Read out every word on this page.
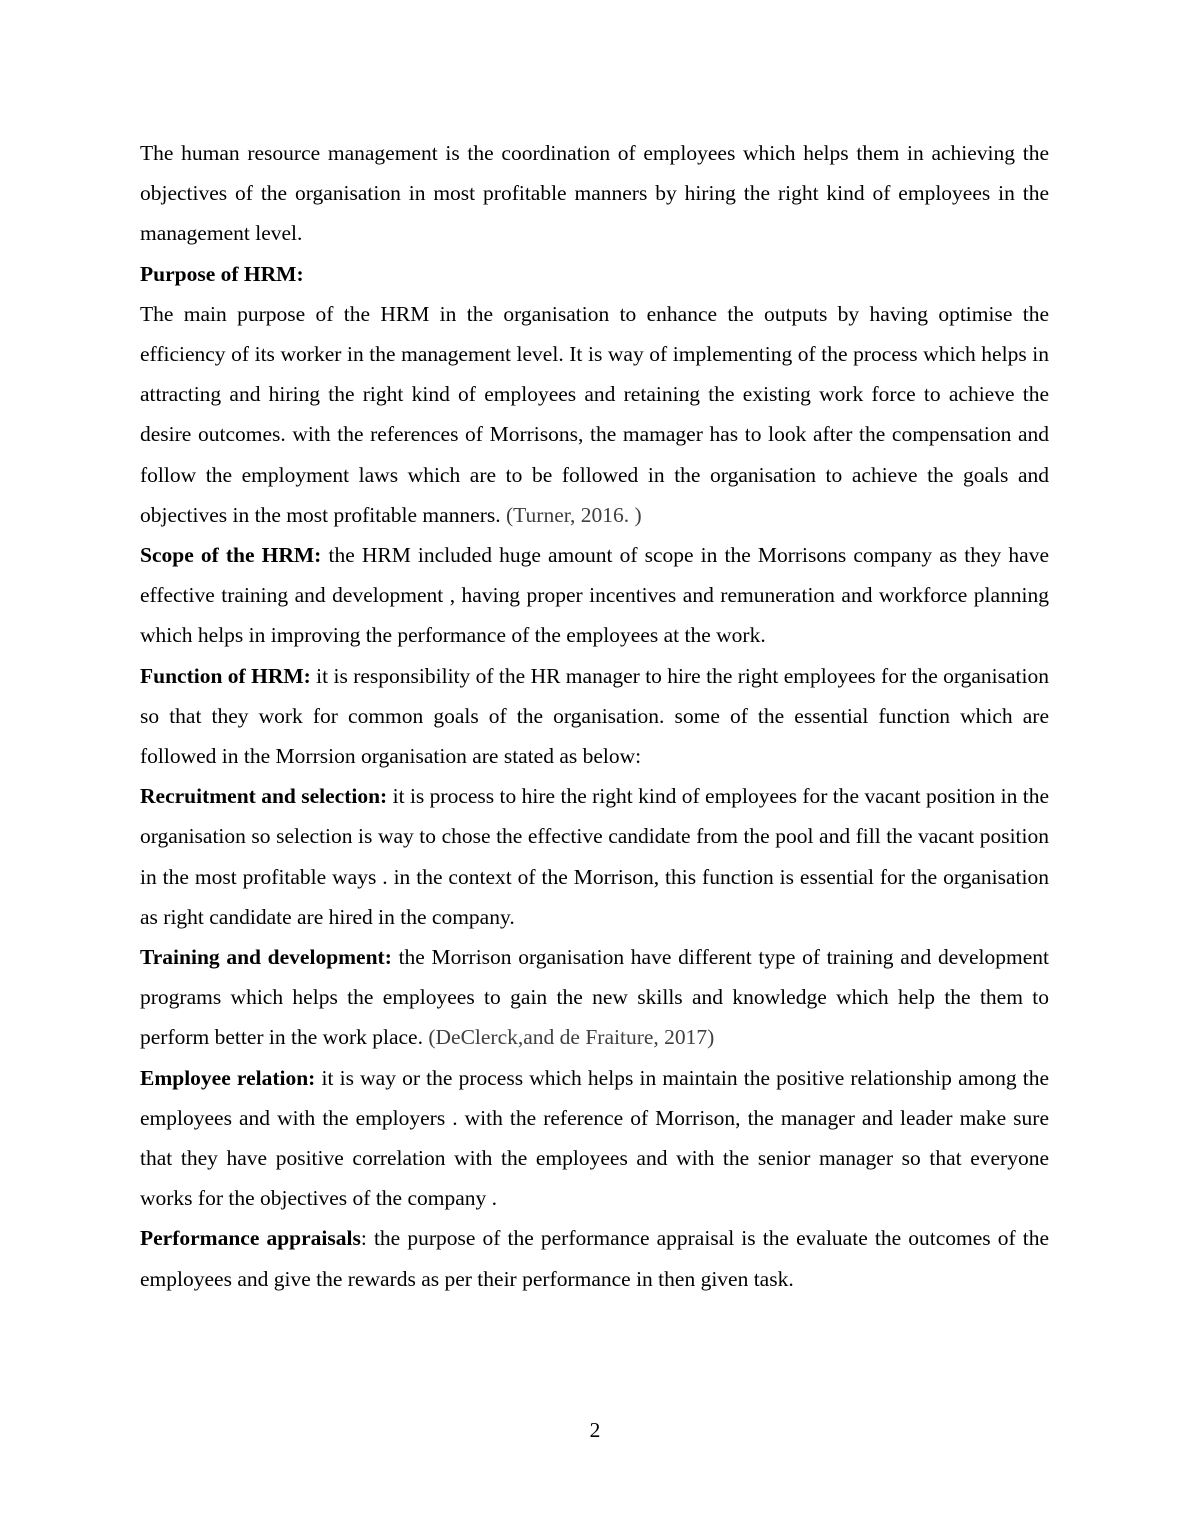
The human resource management is the coordination of employees which helps them in achieving the objectives of the organisation in most profitable manners by hiring the right kind of employees in the management level.

Purpose of HRM:

The main purpose of the HRM in the organisation to enhance the outputs by having optimise the efficiency of its worker in the management level. It is way of implementing of the process which helps in attracting and hiring the right kind of employees and retaining the existing work force to achieve the desire outcomes. with the references of Morrisons, the mamager has to look after the compensation and follow the employment laws which are to be followed in the organisation to achieve the goals and objectives in the most profitable manners. (Turner, 2016. )

Scope of the HRM: the HRM included huge amount of scope in the Morrisons company as they have effective training and development , having proper incentives and remuneration and workforce planning which helps in improving the performance of the employees at the work.

Function of HRM: it is responsibility of the HR manager to hire the right employees for the organisation so that they work for common goals of the organisation. some of the essential function which are followed in the Morrsion organisation are stated as below:

Recruitment and selection: it is process to hire the right kind of employees for the vacant position in the organisation so selection is way to chose the effective candidate from the pool and fill the vacant position in the most profitable ways . in the context of the Morrison, this function is essential for the organisation as right candidate are hired in the company.

Training and development: the Morrison organisation have different type of training and development programs which helps the employees to gain the new skills and knowledge which help the them to perform better in the work place. (DeClerck,and de Fraiture, 2017)

Employee relation: it is way or the process which helps in maintain the positive relationship among the employees and with the employers . with the reference of Morrison, the manager and leader make sure that they have positive correlation with the employees and with the senior manager so that everyone works for the objectives of the company .

Performance appraisals: the purpose of the performance appraisal is the evaluate the outcomes of the employees and give the rewards as per their performance in then given task.

2
